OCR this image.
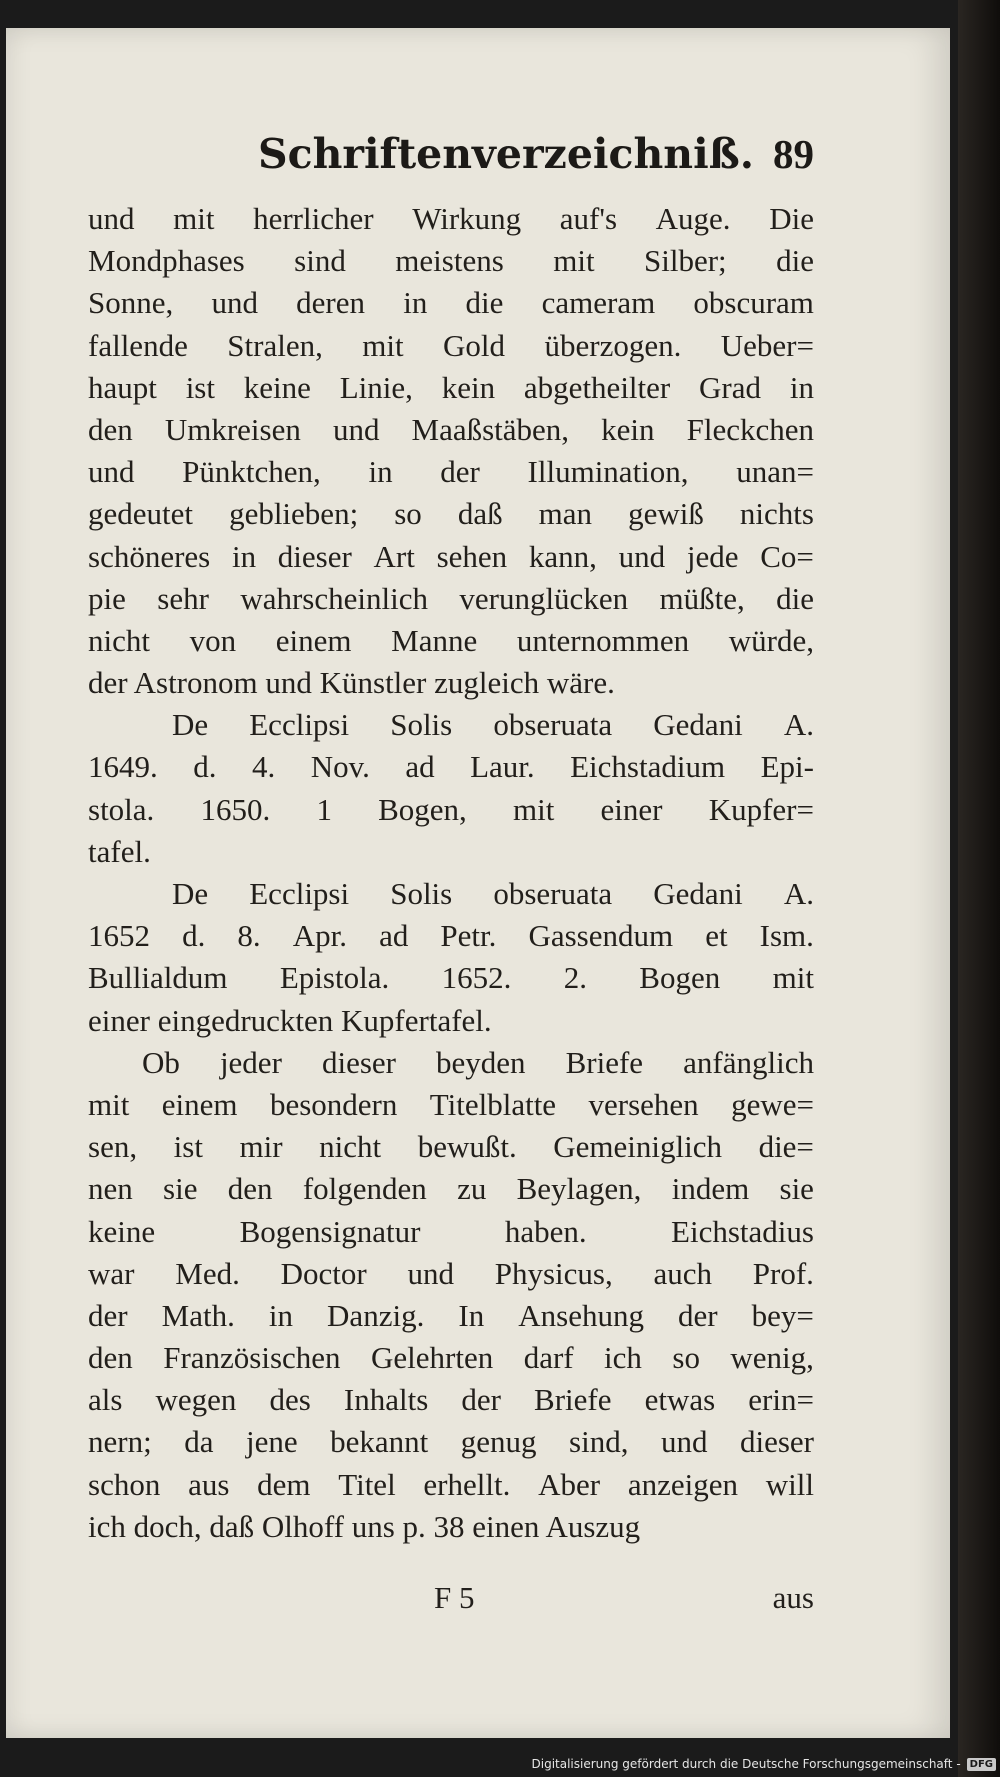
Schriftenverzeichniß. 89
und mit herrlicher Wirkung auf's Auge. Die
Mondphases sind meistens mit Silber; die
Sonne, und deren in die cameram obscuram
fallende Stralen, mit Gold überzogen. Ueber=
haupt ist keine Linie, kein abgetheilter Grad in
den Umkreisen und Maaßstäben, kein Fleckchen
und Pünktchen, in der Illumination, unan=
gedeutet geblieben; so daß man gewiß nichts
schöneres in dieser Art sehen kann, und jede Co=
pie sehr wahrscheinlich verunglücken müßte, die
nicht von einem Manne unternommen würde,
der Astronom und Künstler zugleich wäre.
De Ecclipsi Solis obseruata Gedani A.
1649. d. 4. Nov. ad Laur. Eichstadium Epi-
stola. 1650. 1 Bogen, mit einer Kupfer=
tafel.
De Ecclipsi Solis obseruata Gedani A.
1652 d. 8. Apr. ad Petr. Gassendum et Ism.
Bullialdum Epistola. 1652. 2. Bogen mit
einer eingedruckten Kupfertafel.
Ob jeder dieser beyden Briefe anfänglich
mit einem besondern Titelblatte versehen gewe=
sen, ist mir nicht bewußt. Gemeiniglich die=
nen sie den folgenden zu Beylagen, indem sie
keine	Bogensignatur	haben.	Eichstadius
war Med. Doctor und Physicus, auch Prof.
der Math. in Danzig. In Ansehung der bey=
den Französischen Gelehrten darf ich so wenig,
als wegen des Inhalts der Briefe etwas erin=
nern; da jene bekannt genug sind, und dieser
schon aus dem Titel erhellt. Aber anzeigen will
ich doch, daß Olhoff uns p. 38 einen Auszug
F 5	aus
Digitalisierung gefördert durch die Deutsche Forschungsgemeinschaft - DFG
